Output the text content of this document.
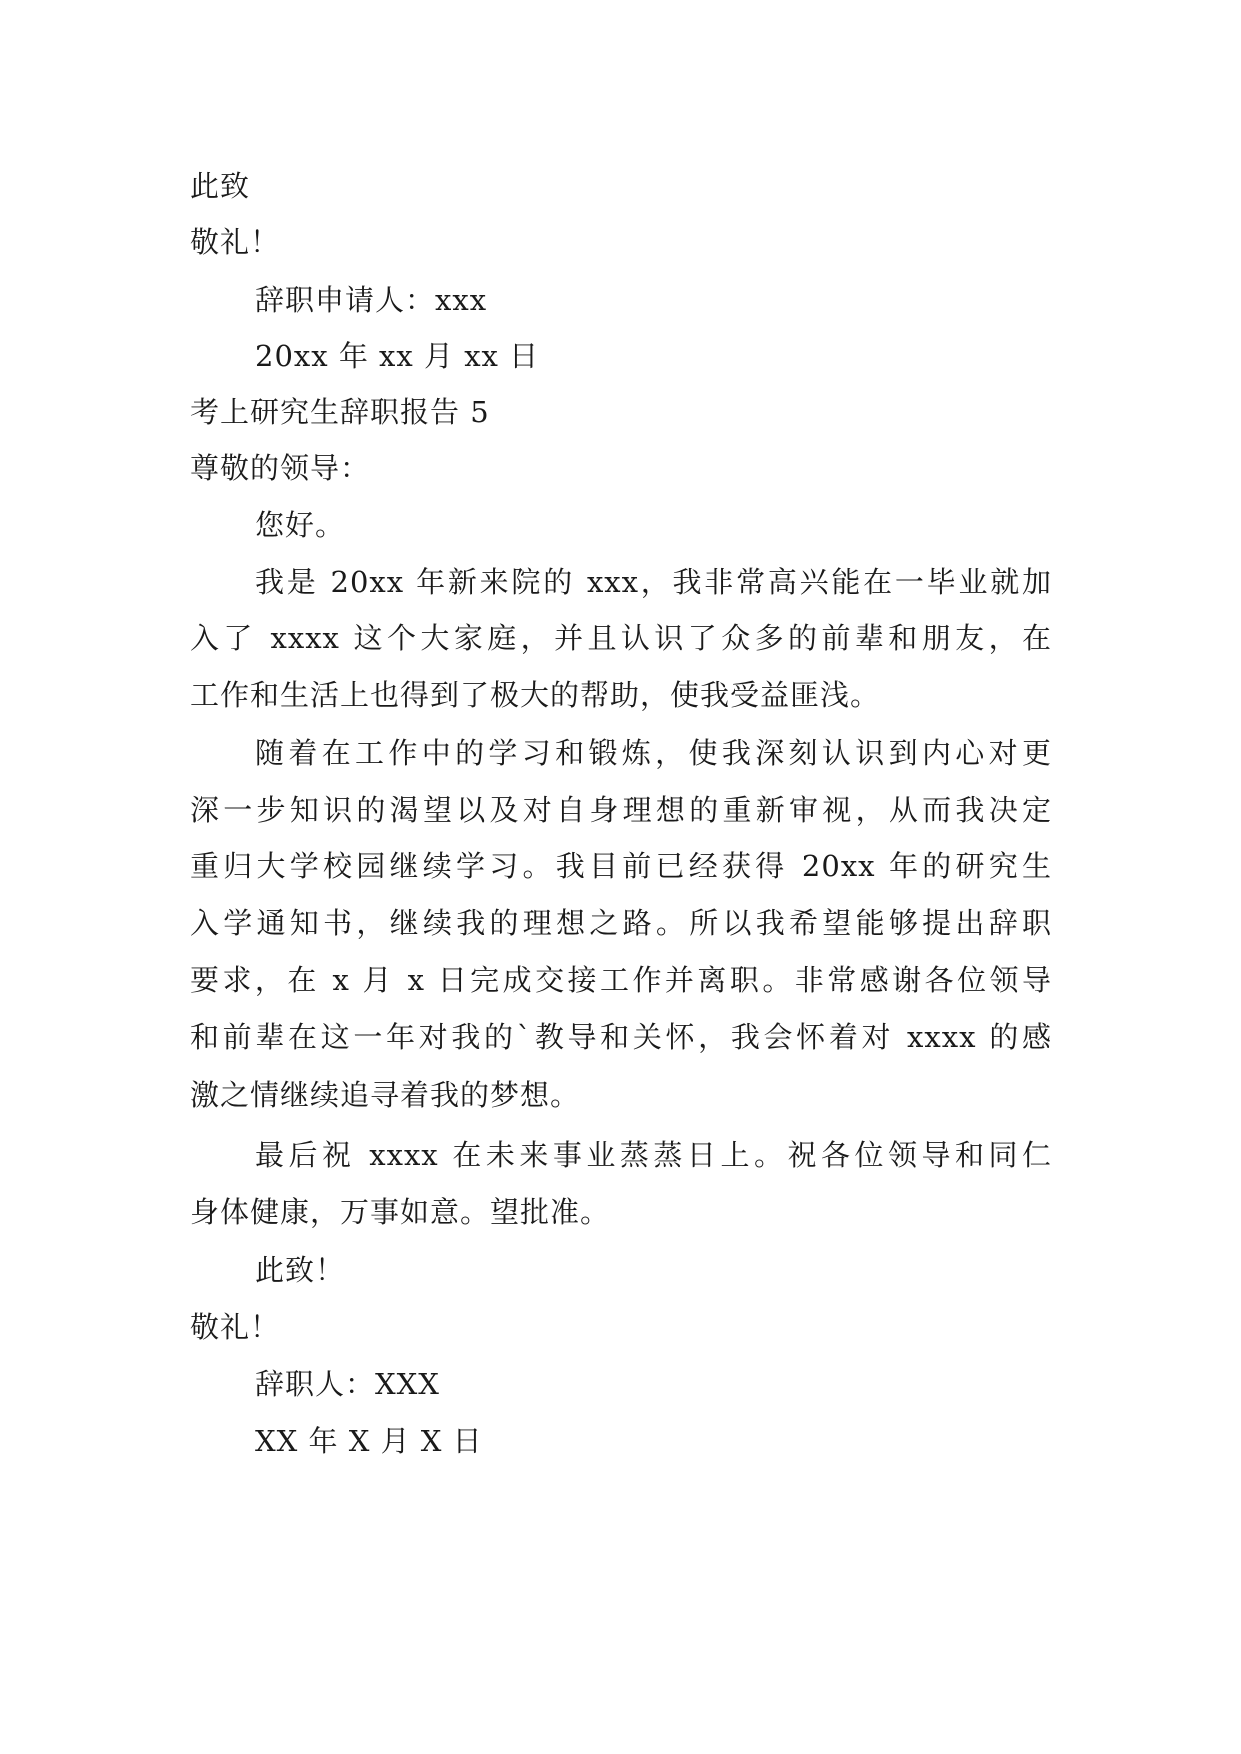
此致
敬礼！
辞职申请人：xxx
20xx 年 xx 月 xx 日
考上研究生辞职报告 5
尊敬的领导：
您好。
我是 20xx 年新来院的 xxx，我非常高兴能在一毕业就加
入了 xxxx 这个大家庭，并且认识了众多的前辈和朋友，在
工作和生活上也得到了极大的帮助，使我受益匪浅。
随着在工作中的学习和锻炼，使我深刻认识到内心对更
深一步知识的渴望以及对自身理想的重新审视，从而我决定
重归大学校园继续学习。我目前已经获得 20xx 年的研究生
入学通知书，继续我的理想之路。所以我希望能够提出辞职
要求，在 x 月 x 日完成交接工作并离职。非常感谢各位领导
和前辈在这一年对我的`教导和关怀，我会怀着对 xxxx 的感
激之情继续追寻着我的梦想。
最后祝 xxxx 在未来事业蒸蒸日上。祝各位领导和同仁
身体健康，万事如意。望批准。
此致！
敬礼！
辞职人：XXX
XX 年 X 月 X 日
